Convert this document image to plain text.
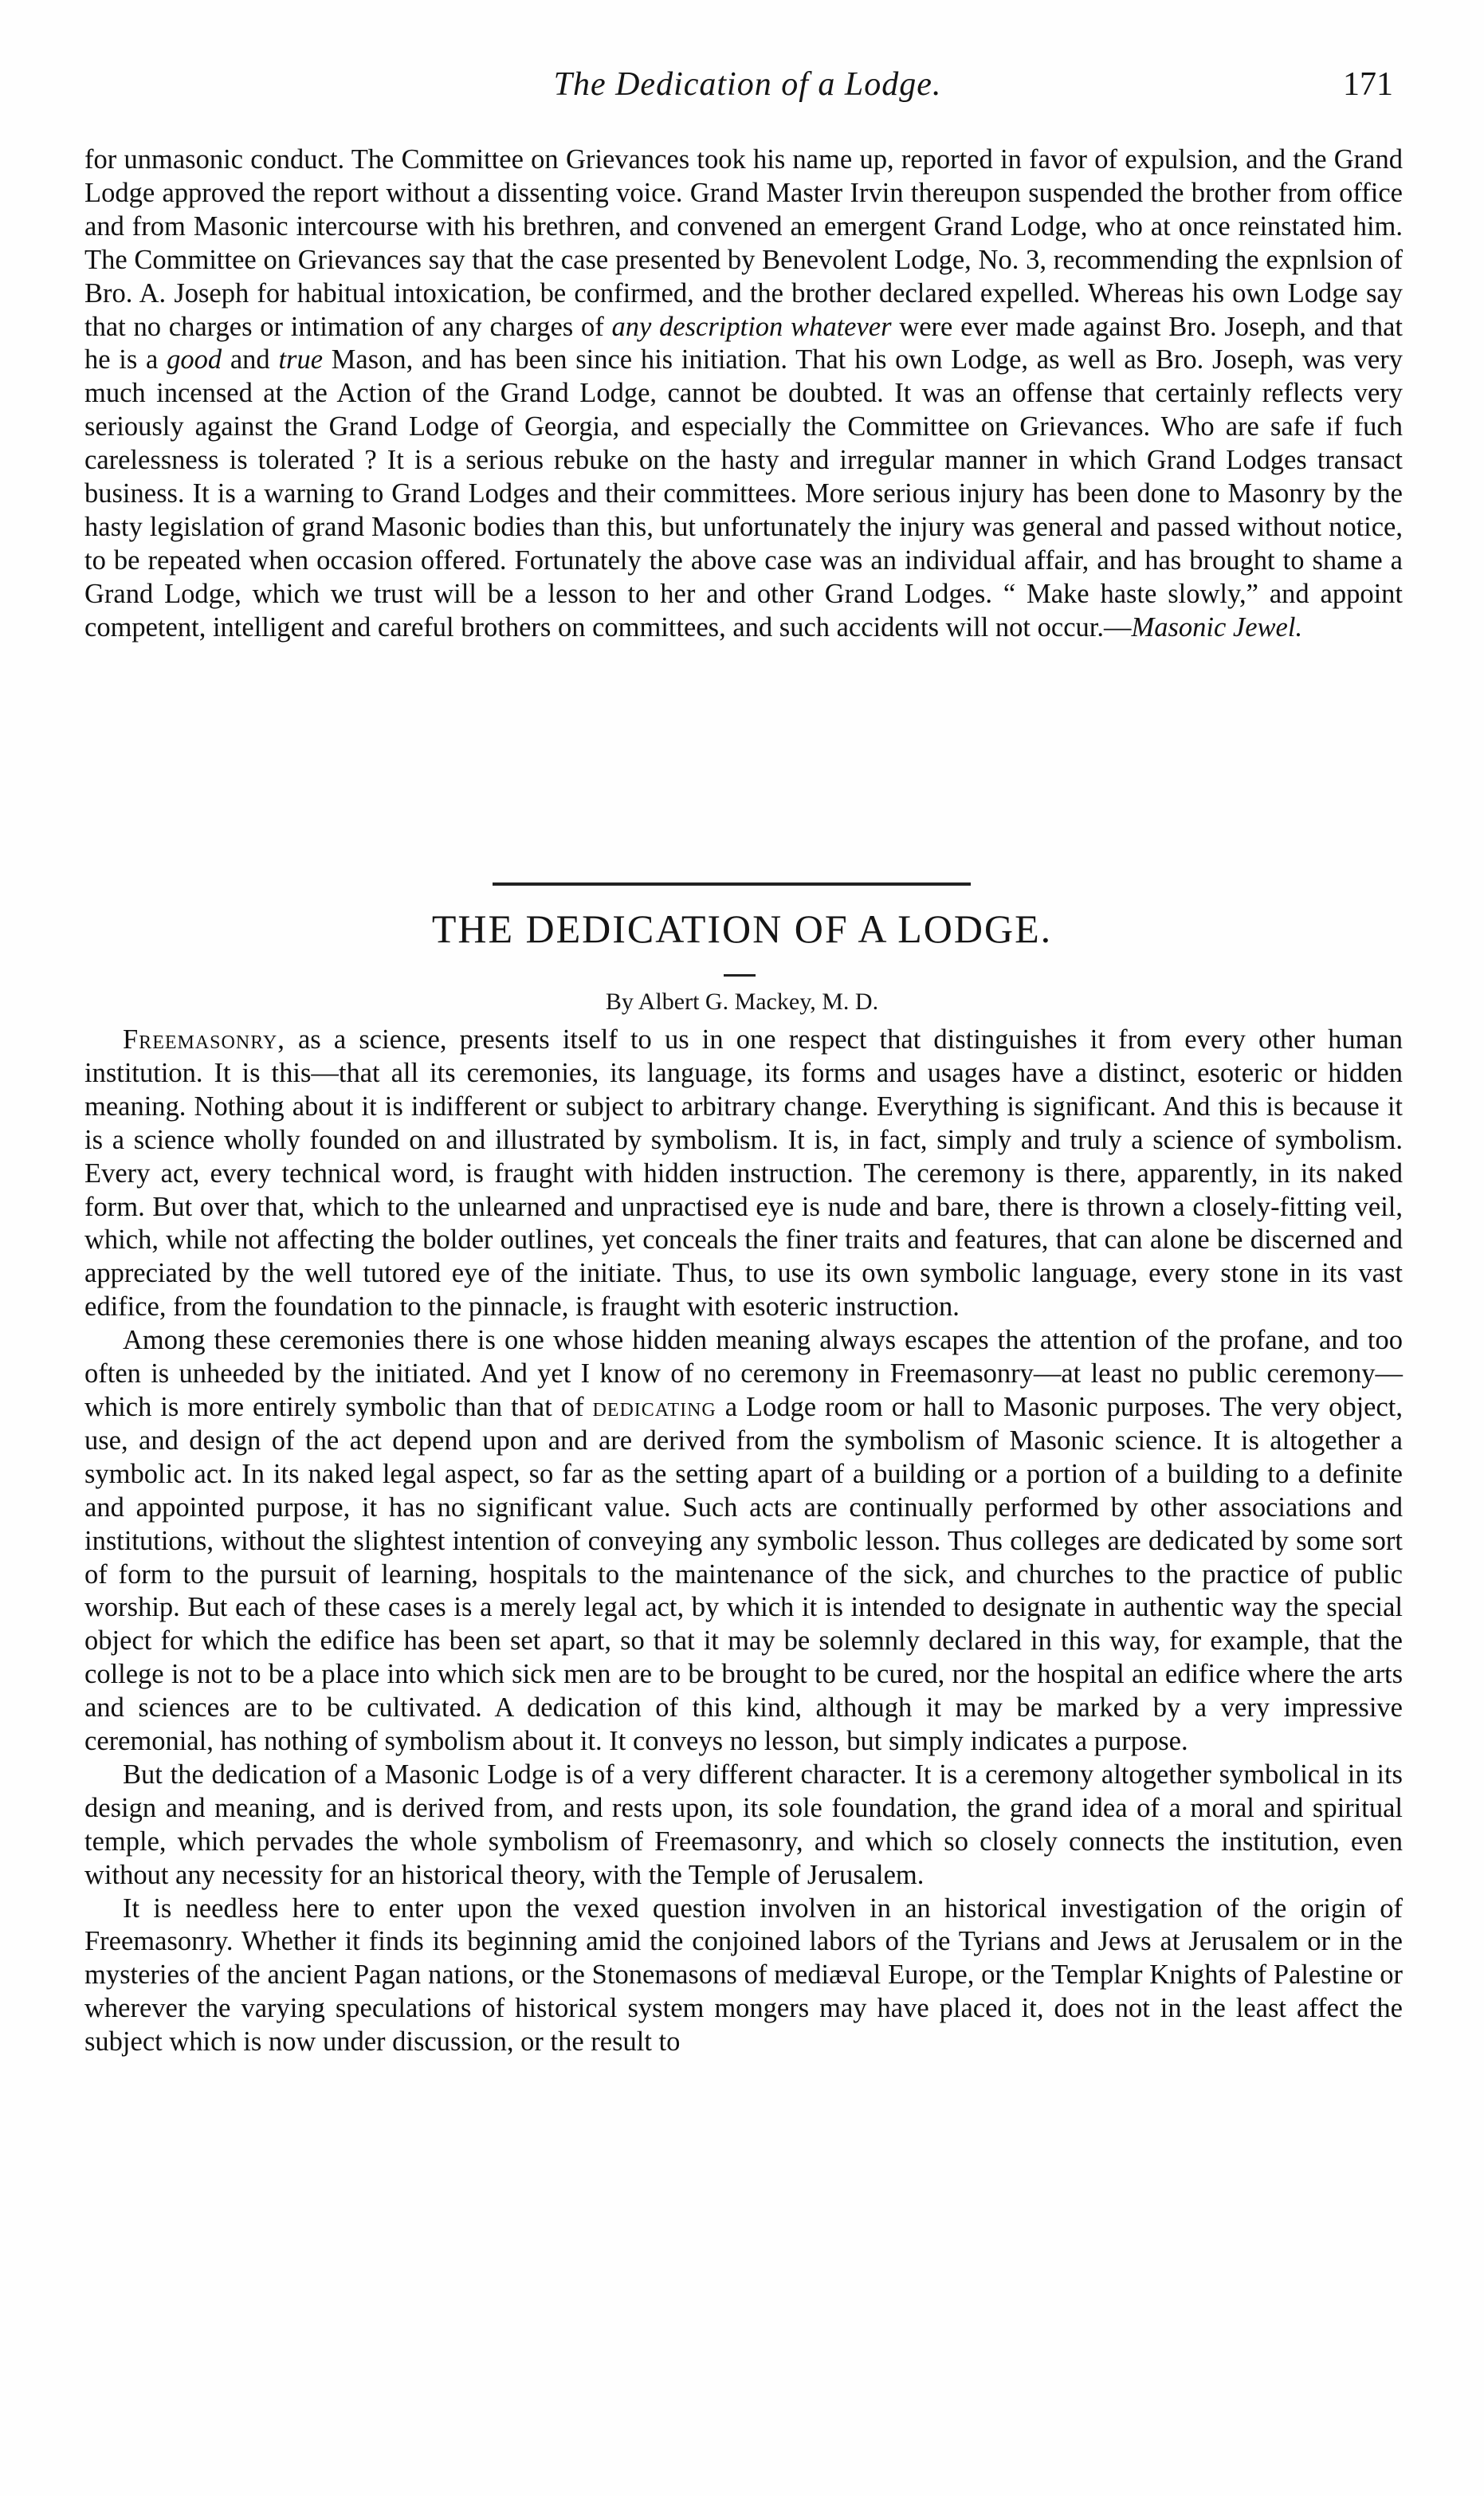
The Dedication of a Lodge.	171

for unmasonic conduct. The Committee on Grievances took his name up, reported in favor of expulsion, and the Grand Lodge approved the report without a dissenting voice. Grand Master Irvin thereupon suspended the brother from office and from Masonic intercourse with his brethren, and convened an emergent Grand Lodge, who at once reinstated him. The Committee on Grievances say that the case presented by Benevolent Lodge, No. 3, recommending the expnlsion of Bro. A. Joseph for habitual intoxication, be confirmed, and the brother declared expelled. Whereas his own Lodge say that no charges or intimation of any charges of any description whatever were ever made against Bro. Joseph, and that he is a good and true Mason, and has been since his initiation. That his own Lodge, as well as Bro. Joseph, was very much incensed at the Action of the Grand Lodge, cannot be doubted. It was an offense that certainly reflects very seriously against the Grand Lodge of Georgia, and especially the Committee on Grievances. Who are safe if fuch carelessness is tolerated ? It is a serious rebuke on the hasty and irregular manner in which Grand Lodges transact business. It is a warning to Grand Lodges and their committees. More serious injury has been done to Masonry by the hasty legislation of grand Masonic bodies than this, but unfortunately the injury was general and passed without notice, to be repeated when occasion offered. Fortunately the above case was an individual affair, and has brought to shame a Grand Lodge, which we trust will be a lesson to her and other Grand Lodges. “ Make haste slowly,” and appoint competent, intelligent and careful brothers on committees, and such accidents will not occur.—Masonic Jewel.

THE DEDICATION OF A LODGE.
By Albert G. Mackey, M. D.

Freemasonry, as a science, presents itself to us in one respect that distinguishes it from every other human institution. It is this—that all its ceremonies, its language, its forms and usages have a distinct, esoteric or hidden meaning. Nothing about it is indifferent or subject to arbitrary change. Everything is significant. And this is because it is a science wholly founded on and illustrated by symbolism. It is, in fact, simply and truly a science of symbolism. Every act, every technical word, is fraught with hidden instruction. The ceremony is there, apparently, in its naked form. But over that, which to the unlearned and unpractised eye is nude and bare, there is thrown a closely-fitting veil, which, while not affecting the bolder outlines, yet conceals the finer traits and features, that can alone be discerned and appreciated by the well tutored eye of the initiate. Thus, to use its own symbolic language, every stone in its vast edifice, from the foundation to the pinnacle, is fraught with esoteric instruction.

Among these ceremonies there is one whose hidden meaning always escapes the attention of the profane, and too often is unheeded by the initiated. And yet I know of no ceremony in Freemasonry—at least no public ceremony—which is more entirely symbolic than that of dedicating a Lodge room or hall to Masonic purposes. The very object, use, and design of the act depend upon and are derived from the symbolism of Masonic science. It is altogether a symbolic act. In its naked legal aspect, so far as the setting apart of a building or a portion of a building to a definite and appointed purpose, it has no significant value. Such acts are continually performed by other associations and institutions, without the slightest intention of conveying any symbolic lesson. Thus colleges are dedicated by some sort of form to the pursuit of learning, hospitals to the maintenance of the sick, and churches to the practice of public worship. But each of these cases is a merely legal act, by which it is intended to designate in authentic way the special object for which the edifice has been set apart, so that it may be solemnly declared in this way, for example, that the college is not to be a place into which sick men are to be brought to be cured, nor the hospital an edifice where the arts and sciences are to be cultivated. A dedication of this kind, although it may be marked by a very impressive ceremonial, has nothing of symbolism about it. It conveys no lesson, but simply indicates a purpose.

But the dedication of a Masonic Lodge is of a very different character. It is a ceremony altogether symbolical in its design and meaning, and is derived from, and rests upon, its sole foundation, the grand idea of a moral and spiritual temple, which pervades the whole symbolism of Freemasonry, and which so closely connects the institution, even without any necessity for an historical theory, with the Temple of Jerusalem.

It is needless here to enter upon the vexed question involven in an historical investigation of the origin of Freemasonry. Whether it finds its beginning amid the conjoined labors of the Tyrians and Jews at Jerusalem or in the mysteries of the ancient Pagan nations, or the Stonemasons of mediæval Europe, or the Templar Knights of Palestine or wherever the varying speculations of historical system mongers may have placed it, does not in the least affect the subject which is now under discussion, or the result to
